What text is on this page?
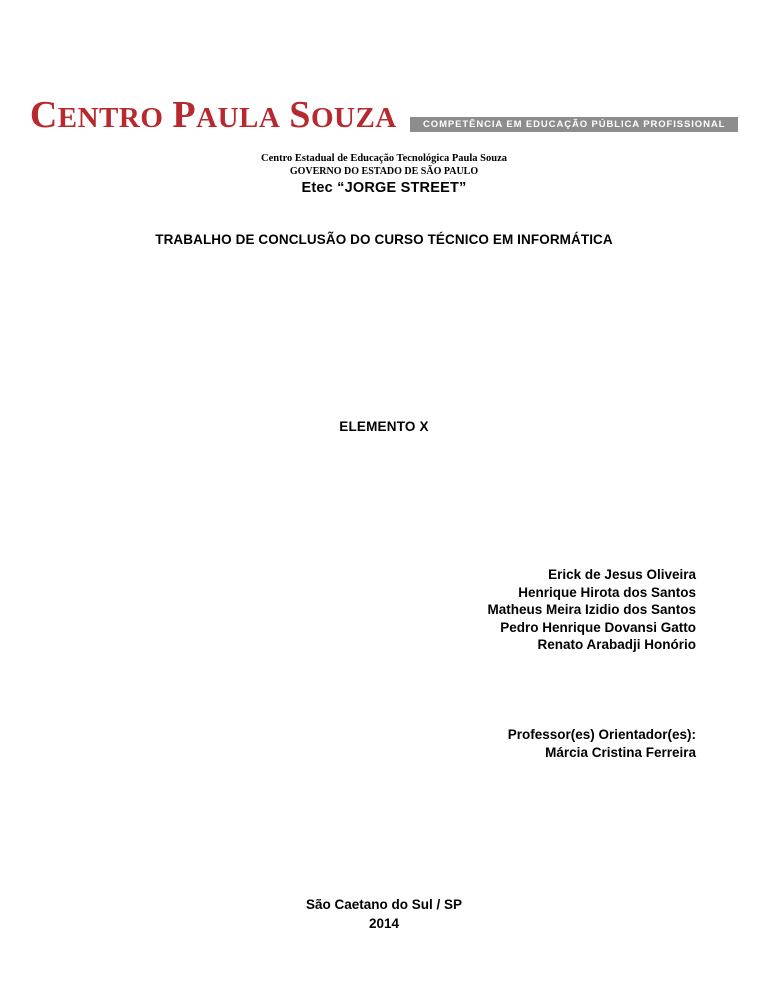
CENTRO PAULA SOUZA	COMPETÊNCIA EM EDUCAÇÃO PÚBLICA PROFISSIONAL
Centro Estadual de Educação Tecnológica Paula Souza
GOVERNO DO ESTADO DE SÃO PAULO
Etec “JORGE STREET”
TRABALHO DE CONCLUSÃO DO CURSO TÉCNICO EM INFORMÁTICA
ELEMENTO X
Erick de Jesus Oliveira
Henrique Hirota dos Santos
Matheus Meira Izidio dos Santos
Pedro Henrique Dovansi Gatto
Renato Arabadji Honório
Professor(es) Orientador(es):
Márcia Cristina Ferreira
São Caetano do Sul / SP
2014
